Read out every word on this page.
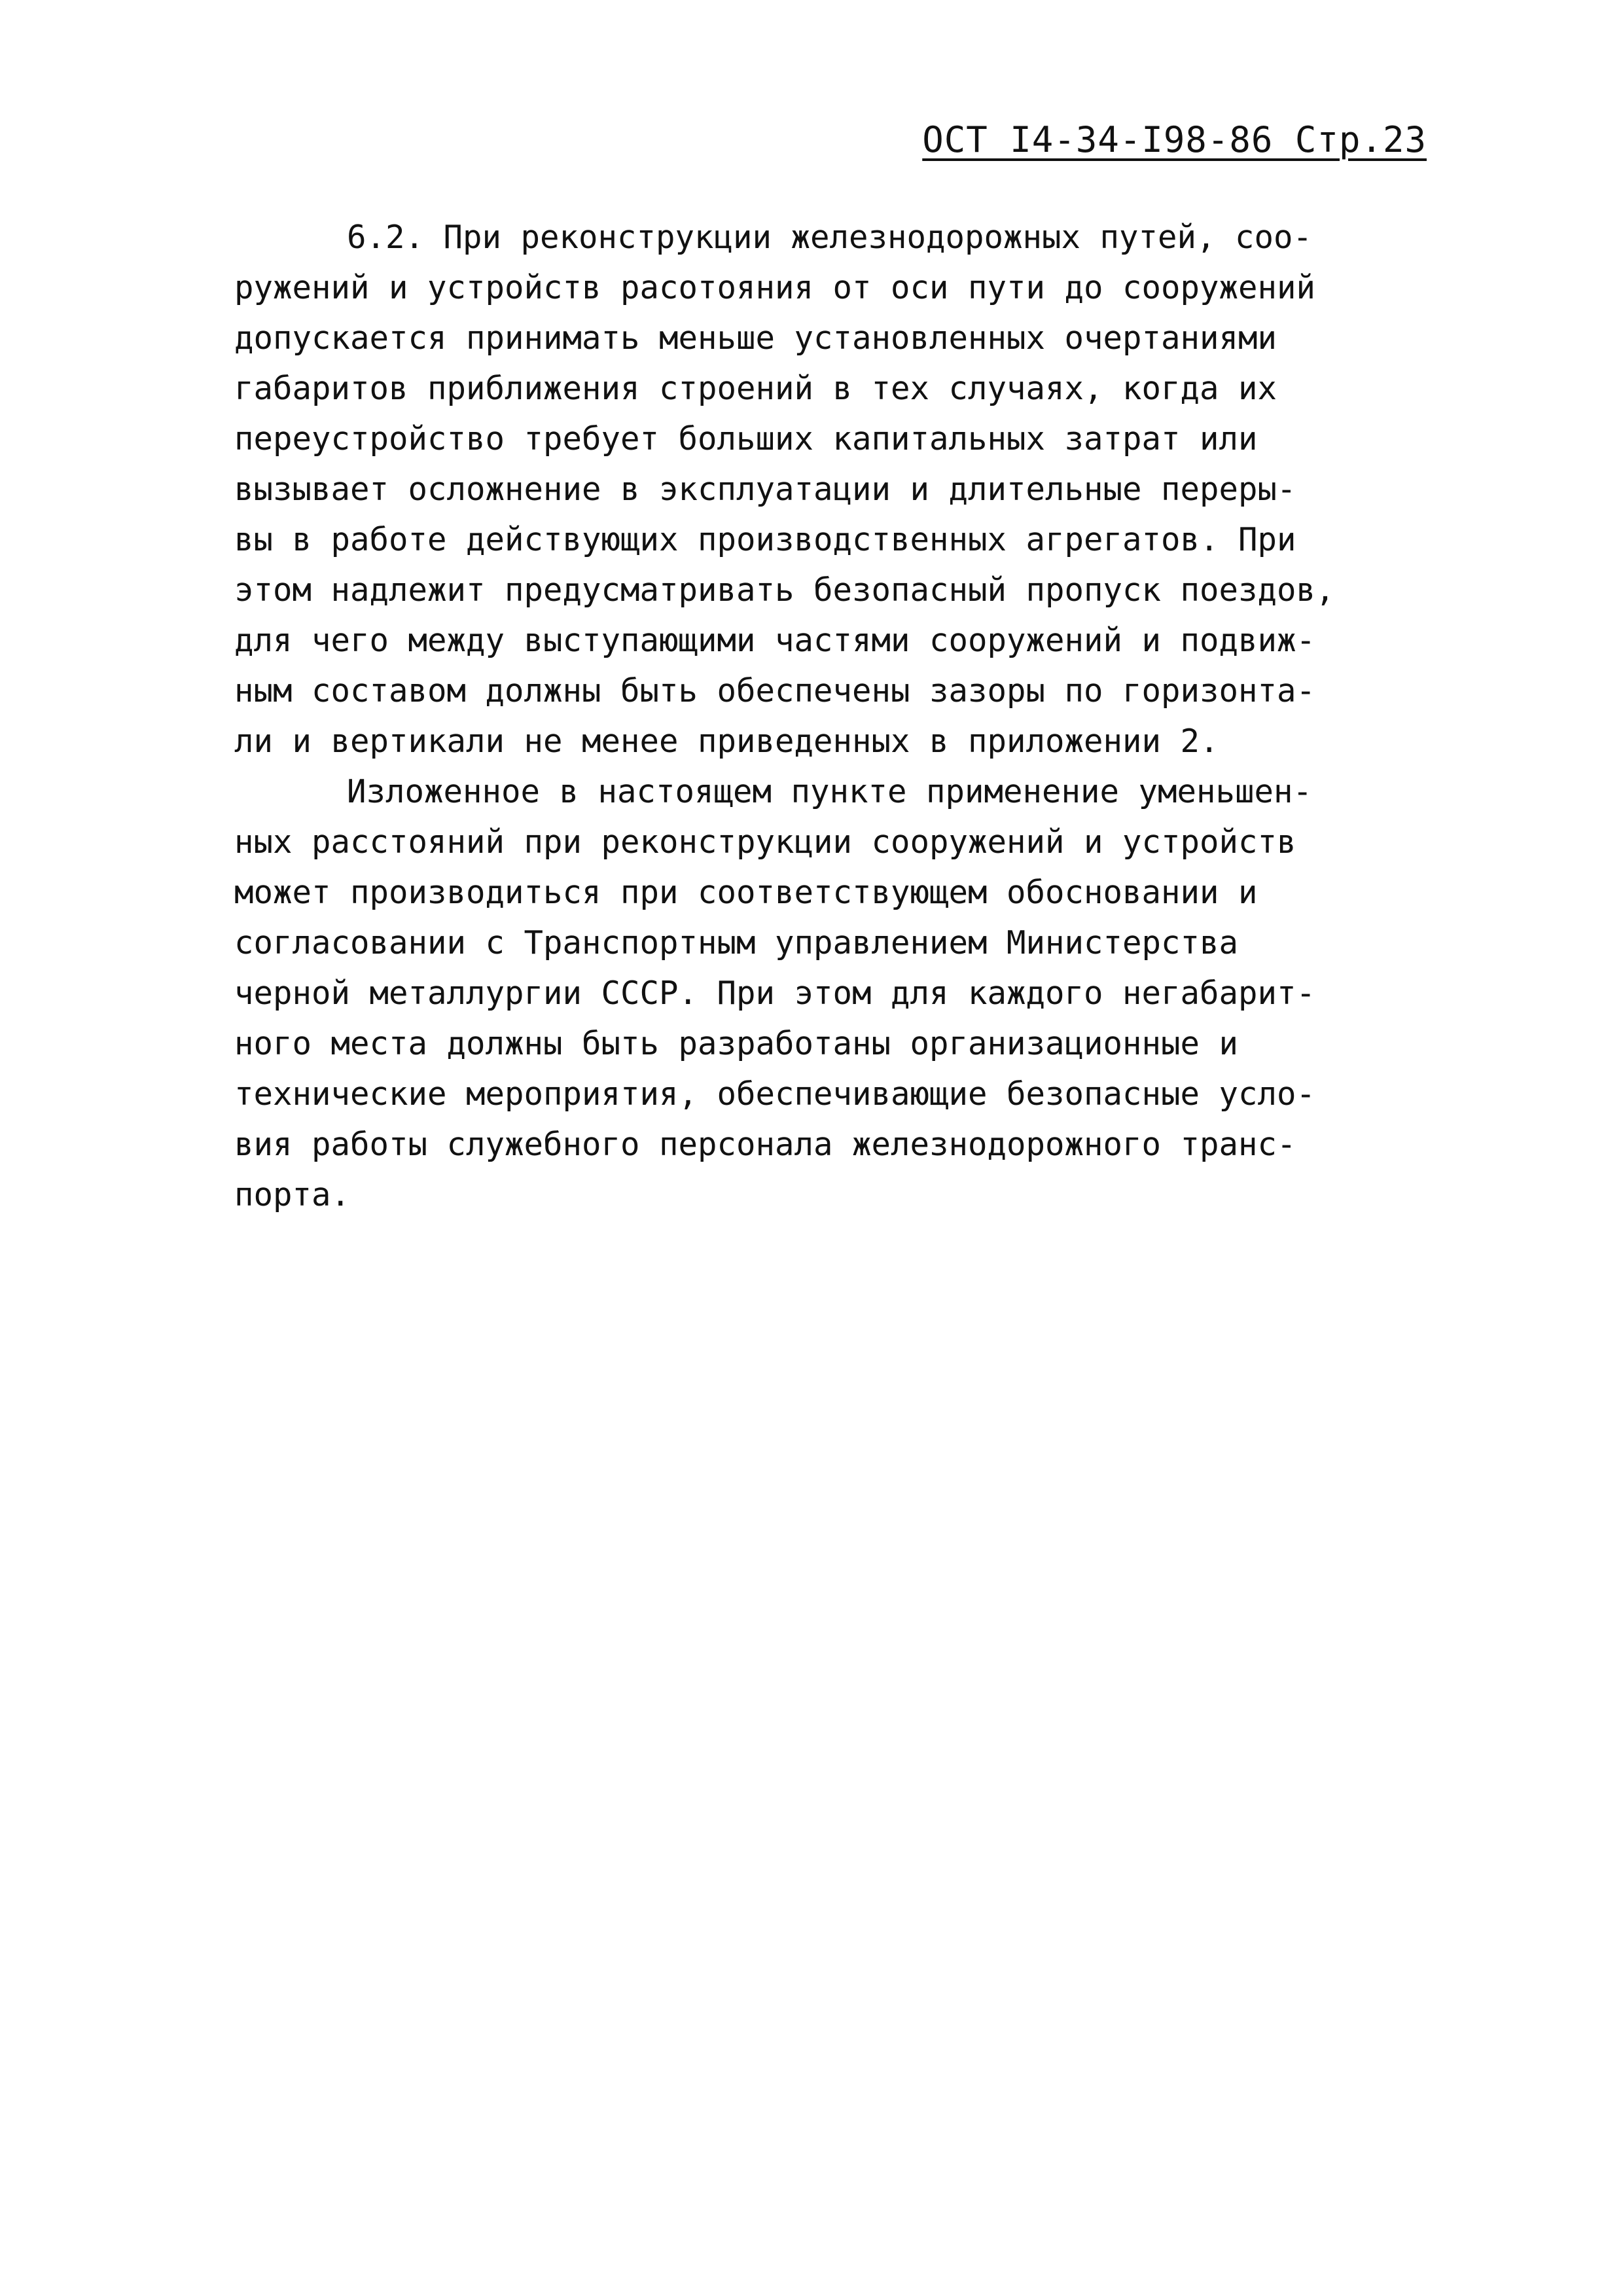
ОСТ I4-34-I98-86 Стр.23
6.2. При реконструкции железнодорожных путей, соо-
ружений и устройств расотояния от оси пути до сооружений
допускается принимать меньше установленных очертаниями
габаритов приближения строений в тех случаях, когда их
переустройство требует больших капитальных затрат или
вызывает осложнение в эксплуатации и длительные переры-
вы в работе действующих производственных агрегатов. При
этом надлежит предусматривать безопасный пропуск поездов,
для чего между выступающими частями сооружений и подвиж-
ным составом должны быть обеспечены зазоры по горизонта-
ли и вертикали не менее приведенных в приложении 2.
Изложенное в настоящем пункте применение уменьшен-
ных расстояний при реконструкции сооружений и устройств
может производиться при соответствующем обосновании и
согласовании с Транспортным управлением Министерства
черной металлургии СССР. При этом для каждого негабарит-
ного места должны быть разработаны организационные и
технические мероприятия, обеспечивающие безопасные усло-
вия работы служебного персонала железнодорожного транс-
порта.
